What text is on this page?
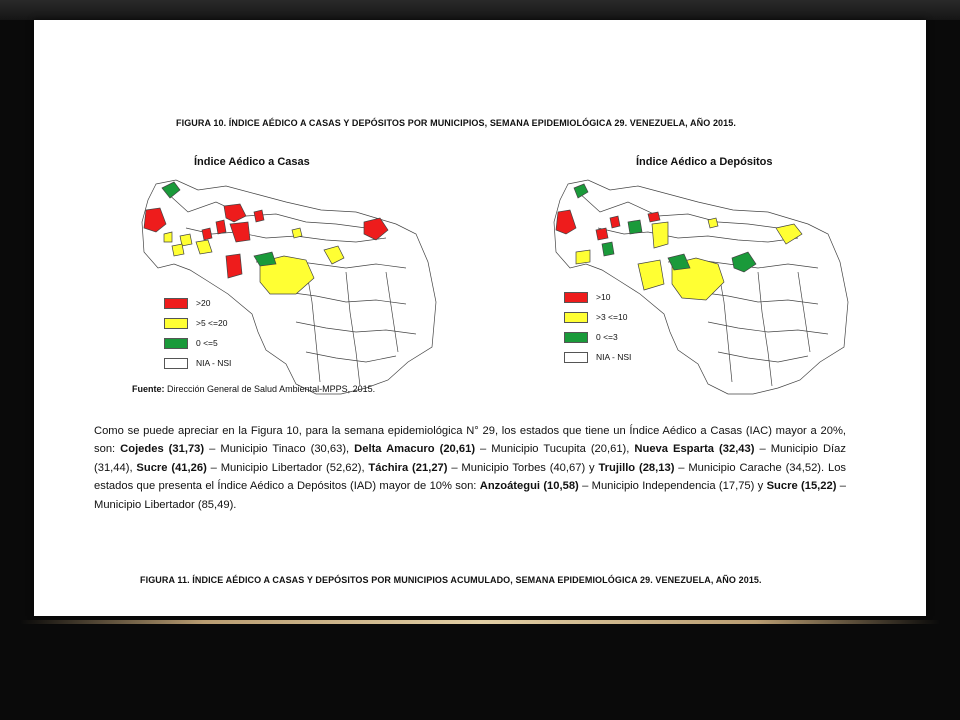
FIGURA 10. ÍNDICE AÉDICO A CASAS Y DEPÓSITOS POR MUNICIPIOS, SEMANA EPIDEMIOLÓGICA 29. VENEZUELA, AÑO 2015.
Índice Aédico a Casas
>20
>5 <=20
0 <=5
NIA - NSI
Índice Aédico a Depósitos
>10
>3 <=10
0 <=3
NIA - NSI
Fuente: Dirección General de Salud Ambiental-MPPS, 2015.
Como se puede apreciar en la Figura 10, para la semana epidemiológica N° 29, los estados que tiene un Índice Aédico a Casas (IAC) mayor a 20%, son: Cojedes (31,73) – Municipio Tinaco (30,63), Delta Amacuro (20,61) – Municipio Tucupita (20,61), Nueva Esparta (32,43) – Municipio Díaz (31,44), Sucre (41,26) – Municipio Libertador (52,62), Táchira (21,27) – Municipio Torbes (40,67) y Trujillo (28,13) – Municipio Carache (34,52). Los estados que presenta el Índice Aédico a Depósitos (IAD) mayor de 10% son: Anzoátegui (10,58) – Municipio Independencia (17,75) y Sucre (15,22) – Municipio Libertador (85,49).
FIGURA 11. ÍNDICE AÉDICO A CASAS Y DEPÓSITOS POR MUNICIPIOS ACUMULADO, SEMANA EPIDEMIOLÓGICA 29. VENEZUELA, AÑO 2015.
